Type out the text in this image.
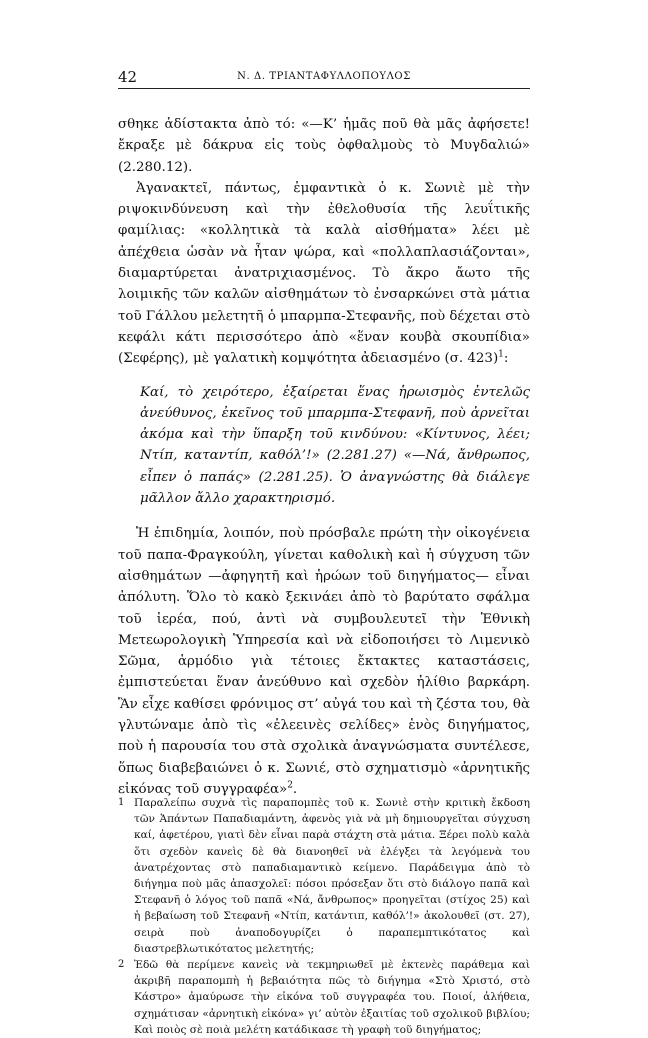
42	Ν. Δ. ΤΡΙΑΝΤΑΦΥΛΛΟΠΟΥΛΟΣ

σθηκε ἀδίστακτα ἀπὸ τό: «—Κ’ ἡμᾶς ποῦ θὰ μᾶς ἀφήσετε! ἔκραξε μὲ δάκρυα εἰς τοὺς ὀφθαλμοὺς τὸ Μυγδαλιώ» (2.280.12).

Ἀγανακτεῖ, πάντως, ἐμφαντικὰ ὁ κ. Σωνιὲ μὲ τὴν ριψοκινδύνευση καὶ τὴν ἐθελοθυσία τῆς λευΐτικῆς φαμίλιας: «κολλητικὰ τὰ καλὰ αἰσθήματα» λέει μὲ ἀπέχθεια ὡσὰν νὰ ἦταν ψώρα, καὶ «πολλαπλασιάζονται», διαμαρτύρεται ἀνατριχιασμένος. Τὸ ἄκρο ἄωτο τῆς λοιμικῆς τῶν καλῶν αἰσθημάτων τὸ ἐνσαρκώνει στὰ μάτια τοῦ Γάλλου μελετητῆ ὁ μπαρμπα-Στεφανῆς, ποὺ δέχεται στὸ κεφάλι κάτι περισσότερο ἀπὸ «ἕναν κουβὰ σκουπίδια» (Σεφέρης), μὲ γαλατικὴ κομψότητα ἀδειασμένο (σ. 423)$^1$:

Καί, τὸ χειρότερο, ἐξαίρεται ἕνας ἡρωισμὸς ἐντελῶς ἀνεύθυνος, ἐκεῖνος τοῦ μπαρμπα-Στεφανῆ, ποὺ ἀρνεῖται ἀκόμα καὶ τὴν ὕπαρξη τοῦ κινδύνου: «Κίντυνος, λέει; Ντίπ, καταντίπ, καθόλ’!» (2.281.27) «—Νά, ἄνθρωπος, εἶπεν ὁ παπάς» (2.281.25). Ὁ ἀναγνώστης θὰ διάλεγε μᾶλλον ἄλλο χαρακτηρισμό.

Ἡ ἐπιδημία, λοιπόν, ποὺ πρόσβαλε πρώτη τὴν οἰκογένεια τοῦ παπα-Φραγκούλη, γίνεται καθολικὴ καὶ ἡ σύγχυση τῶν αἰσθημάτων —ἀφηγητῆ καὶ ἡρώων τοῦ διηγήματος— εἶναι ἀπόλυτη. Ὅλο τὸ κακὸ ξεκινάει ἀπὸ τὸ βαρύτατο σφάλμα τοῦ ἱερέα, πού, ἀντὶ νὰ συμβουλευτεῖ τὴν Ἐθνικὴ Μετεωρολογικὴ Ὑπηρεσία καὶ νὰ εἰδοποιήσει τὸ Λιμενικὸ Σῶμα, ἁρμόδιο γιὰ τέτοιες ἔκτακτες καταστάσεις, ἐμπιστεύεται ἕναν ἀνεύθυνο καὶ σχεδὸν ἠλίθιο βαρκάρη. Ἂν εἶχε καθίσει φρόνιμος στ’ αὐγά του καὶ τὴ ζέστα του, θὰ γλυτώναμε ἀπὸ τὶς «ἐλεεινὲς σελίδες» ἑνὸς διηγήματος, ποὺ ἡ παρουσία του στὰ σχολικὰ ἀναγνώσματα συντέλεσε, ὅπως διαβεβαιώνει ὁ κ. Σωνιέ, στὸ σχηματισμὸ «ἀρνητικῆς εἰκόνας τοῦ συγγραφέα»$^2$.

1 Παραλείπω συχνὰ τὶς παραπομπὲς τοῦ κ. Σωνιὲ στὴν κριτικὴ ἔκδοση τῶν Ἁπάντων Παπαδιαμάντη, ἀφενὸς γιὰ νὰ μὴ δημιουργεῖται σύγχυση καί, ἀφετέρου, γιατὶ δὲν εἶναι παρὰ στάχτη στὰ μάτια. Ξέρει πολὺ καλὰ ὅτι σχεδὸν κανεὶς δὲ θὰ διανοηθεῖ νὰ ἐλέγξει τὰ λεγόμενὰ του ἀνατρέχοντας στὸ παπαδιαμαντικὸ κείμενο. Παράδειγμα ἀπὸ τὸ διήγημα ποὺ μᾶς ἀπασχολεῖ: πόσοι πρόσεξαν ὅτι στὸ διάλογο παπᾶ καὶ Στεφανῆ ὁ λόγος τοῦ παπᾶ «Νά, ἄνθρωπος» προηγεῖται (στίχος 25) καὶ ἡ βεβαίωση τοῦ Στεφανῆ «Ντίπ, κατάντιπ, καθόλ’!» ἀκολουθεῖ (στ. 27), σειρὰ ποὺ ἀναποδογυρίζει ὁ παραπεμπτικότατος καὶ διαστρεβλωτικότατος μελετητής;

2 Ἐδῶ θὰ περίμενε κανεὶς νὰ τεκμηριωθεῖ μὲ ἐκτενὲς παράθεμα καὶ ἀκριβῆ παραπομπὴ ἡ βεβαιότητα πῶς τὸ διήγημα «Στὸ Χριστό, στὸ Κάστρο» ἀμαύρωσε τὴν εἰκόνα τοῦ συγγραφέα του. Ποιοί, ἀλήθεια, σχημάτισαν «ἀρνητικὴ εἰκόνα» γι’ αὐτὸν ἐξαιτίας τοῦ σχολικοῦ βιβλίου; Καὶ ποιὸς σὲ ποιὰ μελέτη κατάδικασε τὴ γραφὴ τοῦ διηγήματος;
